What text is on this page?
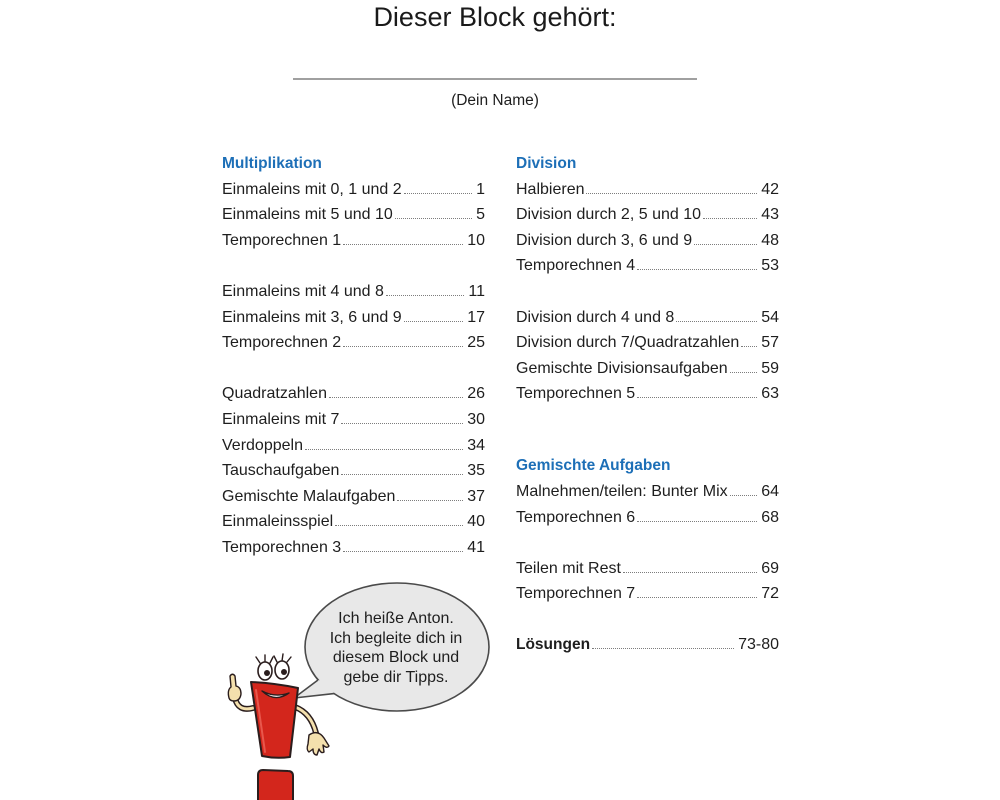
Dieser Block gehört:
(Dein Name)
Multiplikation
Einmaleins mit 0, 1 und 2	1
Einmaleins mit 5 und 10	5
Temporechnen 1	10
Einmaleins mit 4 und 8	11
Einmaleins mit 3, 6 und 9	17
Temporechnen 2	25
Quadratzahlen	26
Einmaleins mit 7	30
Verdoppeln	34
Tauschaufgaben	35
Gemischte Malaufgaben	37
Einmaleinsspiel	40
Temporechnen 3	41
Division
Halbieren	42
Division durch 2, 5 und 10	43
Division durch 3, 6 und 9	48
Temporechnen 4	53
Division durch 4 und 8	54
Division durch 7/Quadratzahlen 57
Gemischte Divisionsaufgaben 59
Temporechnen 5	63
Gemischte Aufgaben
Malnehmen/teilen: Bunter Mix 64
Temporechnen 6	68
Teilen mit Rest	69
Temporechnen 7	72
Lösungen	73-80
Ich heiße Anton.
Ich begleite dich in
diesem Block und
gebe dir Tipps.
